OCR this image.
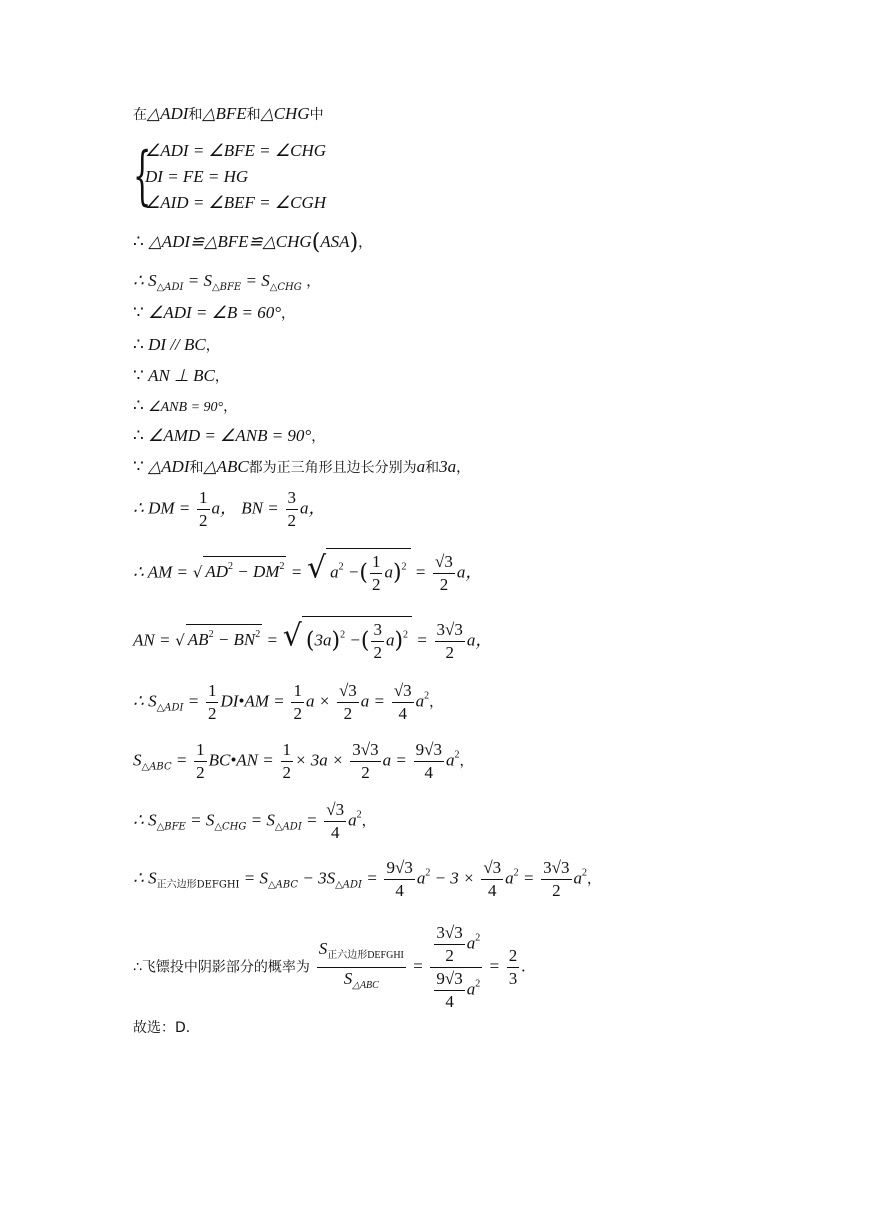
在△ADI和△BFE和△CHG中
{
∠ADI = ∠BFE = ∠CHG
DI = FE = HG
∠AID = ∠BEF = ∠CGH
∴ △ADI≌△BFE≌△CHG(ASA)，
∴ $S_{\triangle ADI} = S_{\triangle BFE} = S_{\triangle CHG}$ ，
∵ ∠ADI = ∠B = 60°，
∴ DI // BC，
∵ AN ⊥ BC，
∴ ∠ANB = 90°，
∴ ∠AMD = ∠ANB = 90°，
∵ △ADI和△ABC都为正三角形且边长分别为a和3a，
∴ DM = $\frac{1}{2}$ a， BN = $\frac{3}{2}$ a，
∴ AM = √ $AD^2 - DM^2$ = √ $a^2$ −( $\frac{1}{2} a)^2 = \frac{√3}{2}$ a，
AN = √ $AB^2 - BN^2$ = √ $(3a)^2$ −( $\frac{3}{2} a)^2 = \frac{3√3}{2}$ a，
∴ $S_{\triangle ADI} = \frac{1}{2}$ DI•AM = $\frac{1}{2}$ $a \times \frac{√3}{2}$ $a = \frac{√3}{4} a^2$，
$S_{\triangle ABC} = \frac{1}{2}$ BC•AN = $\frac{1}{2} \times 3a \times \frac{3√3}{2}$ $a = \frac{9√3}{4} a^2$，
∴ $S_{\triangle BFE} = S_{\triangle CHG} = S_{\triangle ADI} = \frac{√3}{4} a^2$，
∴ $S_{正六边形DEFGHI} = S_{\triangle ABC} - 3S_{\triangle ADI} = \frac{9√3}{4} a^2 - 3 \times \frac{√3}{4} a^2 = \frac{3√3}{2} a^2$，
∴飞镖投中阴影部分的概率为 $\frac{S_{正六边形DEFGHI}}{S_{\triangle ABC}} = \frac{\frac{3√3}{2} a^2}{\frac{9√3}{4} a^2} = \frac{2}{3}$ .
故选：D.
